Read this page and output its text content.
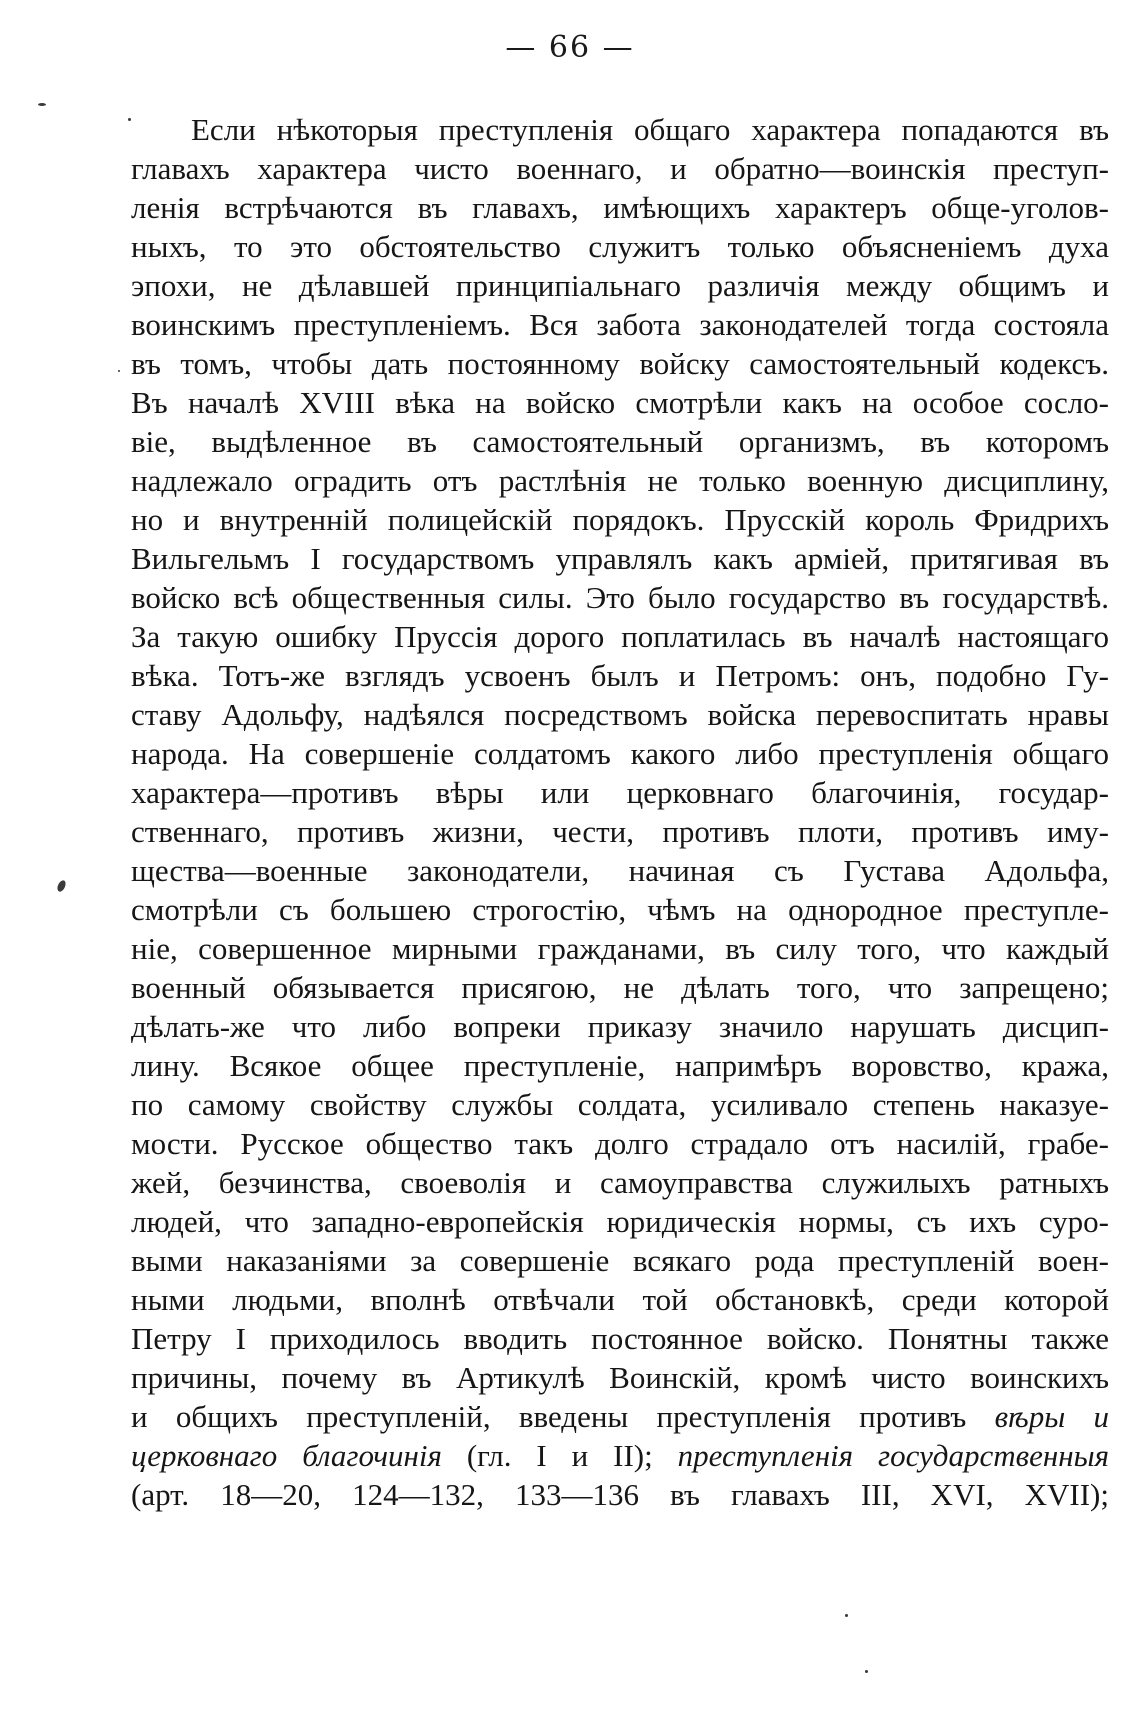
— 66 —
Если нѣкоторыя преступленія общаго характера попадаются въ
главахъ характера чисто военнаго, и обратно—воинскія преступ-
ленія встрѣчаются въ главахъ, имѣющихъ характеръ обще-уголов-
ныхъ, то это обстоятельство служитъ только объясненіемъ духа
эпохи, не дѣлавшей принципіальнаго различія между общимъ и
воинскимъ преступленіемъ. Вся забота законодателей тогда состояла
въ томъ, чтобы дать постоянному войску самостоятельный кодексъ.
Въ началѣ XVIII вѣка на войско смотрѣли какъ на особое сосло-
віе, выдѣленное въ самостоятельный организмъ, въ которомъ
надлежало оградить отъ растлѣнія не только военную дисциплину,
но и внутренній полицейскій порядокъ. Прусскій король Фридрихъ
Вильгельмъ I государствомъ управлялъ какъ арміей, притягивая въ
войско всѣ общественныя силы. Это было государство въ государствѣ.
За такую ошибку Пруссія дорого поплатилась въ началѣ настоящаго
вѣка. Тотъ-же взглядъ усвоенъ былъ и Петромъ: онъ, подобно Гу-
ставу Адольфу, надѣялся посредствомъ войска перевоспитать нравы
народа. На совершеніе солдатомъ какого либо преступленія общаго
характера—противъ вѣры или церковнаго благочинія, государ-
ственнаго, противъ жизни, чести, противъ плоти, противъ иму-
щества—военные законодатели, начиная съ Густава Адольфа,
смотрѣли съ большею строгостію, чѣмъ на однородное преступле-
ніе, совершенное мирными гражданами, въ силу того, что каждый
военный обязывается присягою, не дѣлать того, что запрещено;
дѣлать-же что либо вопреки приказу значило нарушать дисцип-
лину. Всякое общее преступленіе, напримѣръ воровство, кража,
по самому свойству службы солдата, усиливало степень наказуе-
мости. Русское общество такъ долго страдало отъ насилій, грабе-
жей, безчинства, своеволія и самоуправства служилыхъ ратныхъ
людей, что западно-европейскія юридическія нормы, съ ихъ суро-
выми наказаніями за совершеніе всякаго рода преступленій воен-
ными людьми, вполнѣ отвѣчали той обстановкѣ, среди которой
Петру I приходилось вводить постоянное войско. Понятны также
причины, почему въ Артикулѣ Воинскій, кромѣ чисто воинскихъ
и общихъ преступленій, введены преступленія противъ вѣры и
церковнаго благочинія (гл. I и II); преступленія государственныя
(арт. 18—20, 124—132, 133—136 въ главахъ III, XVI, XVII);
